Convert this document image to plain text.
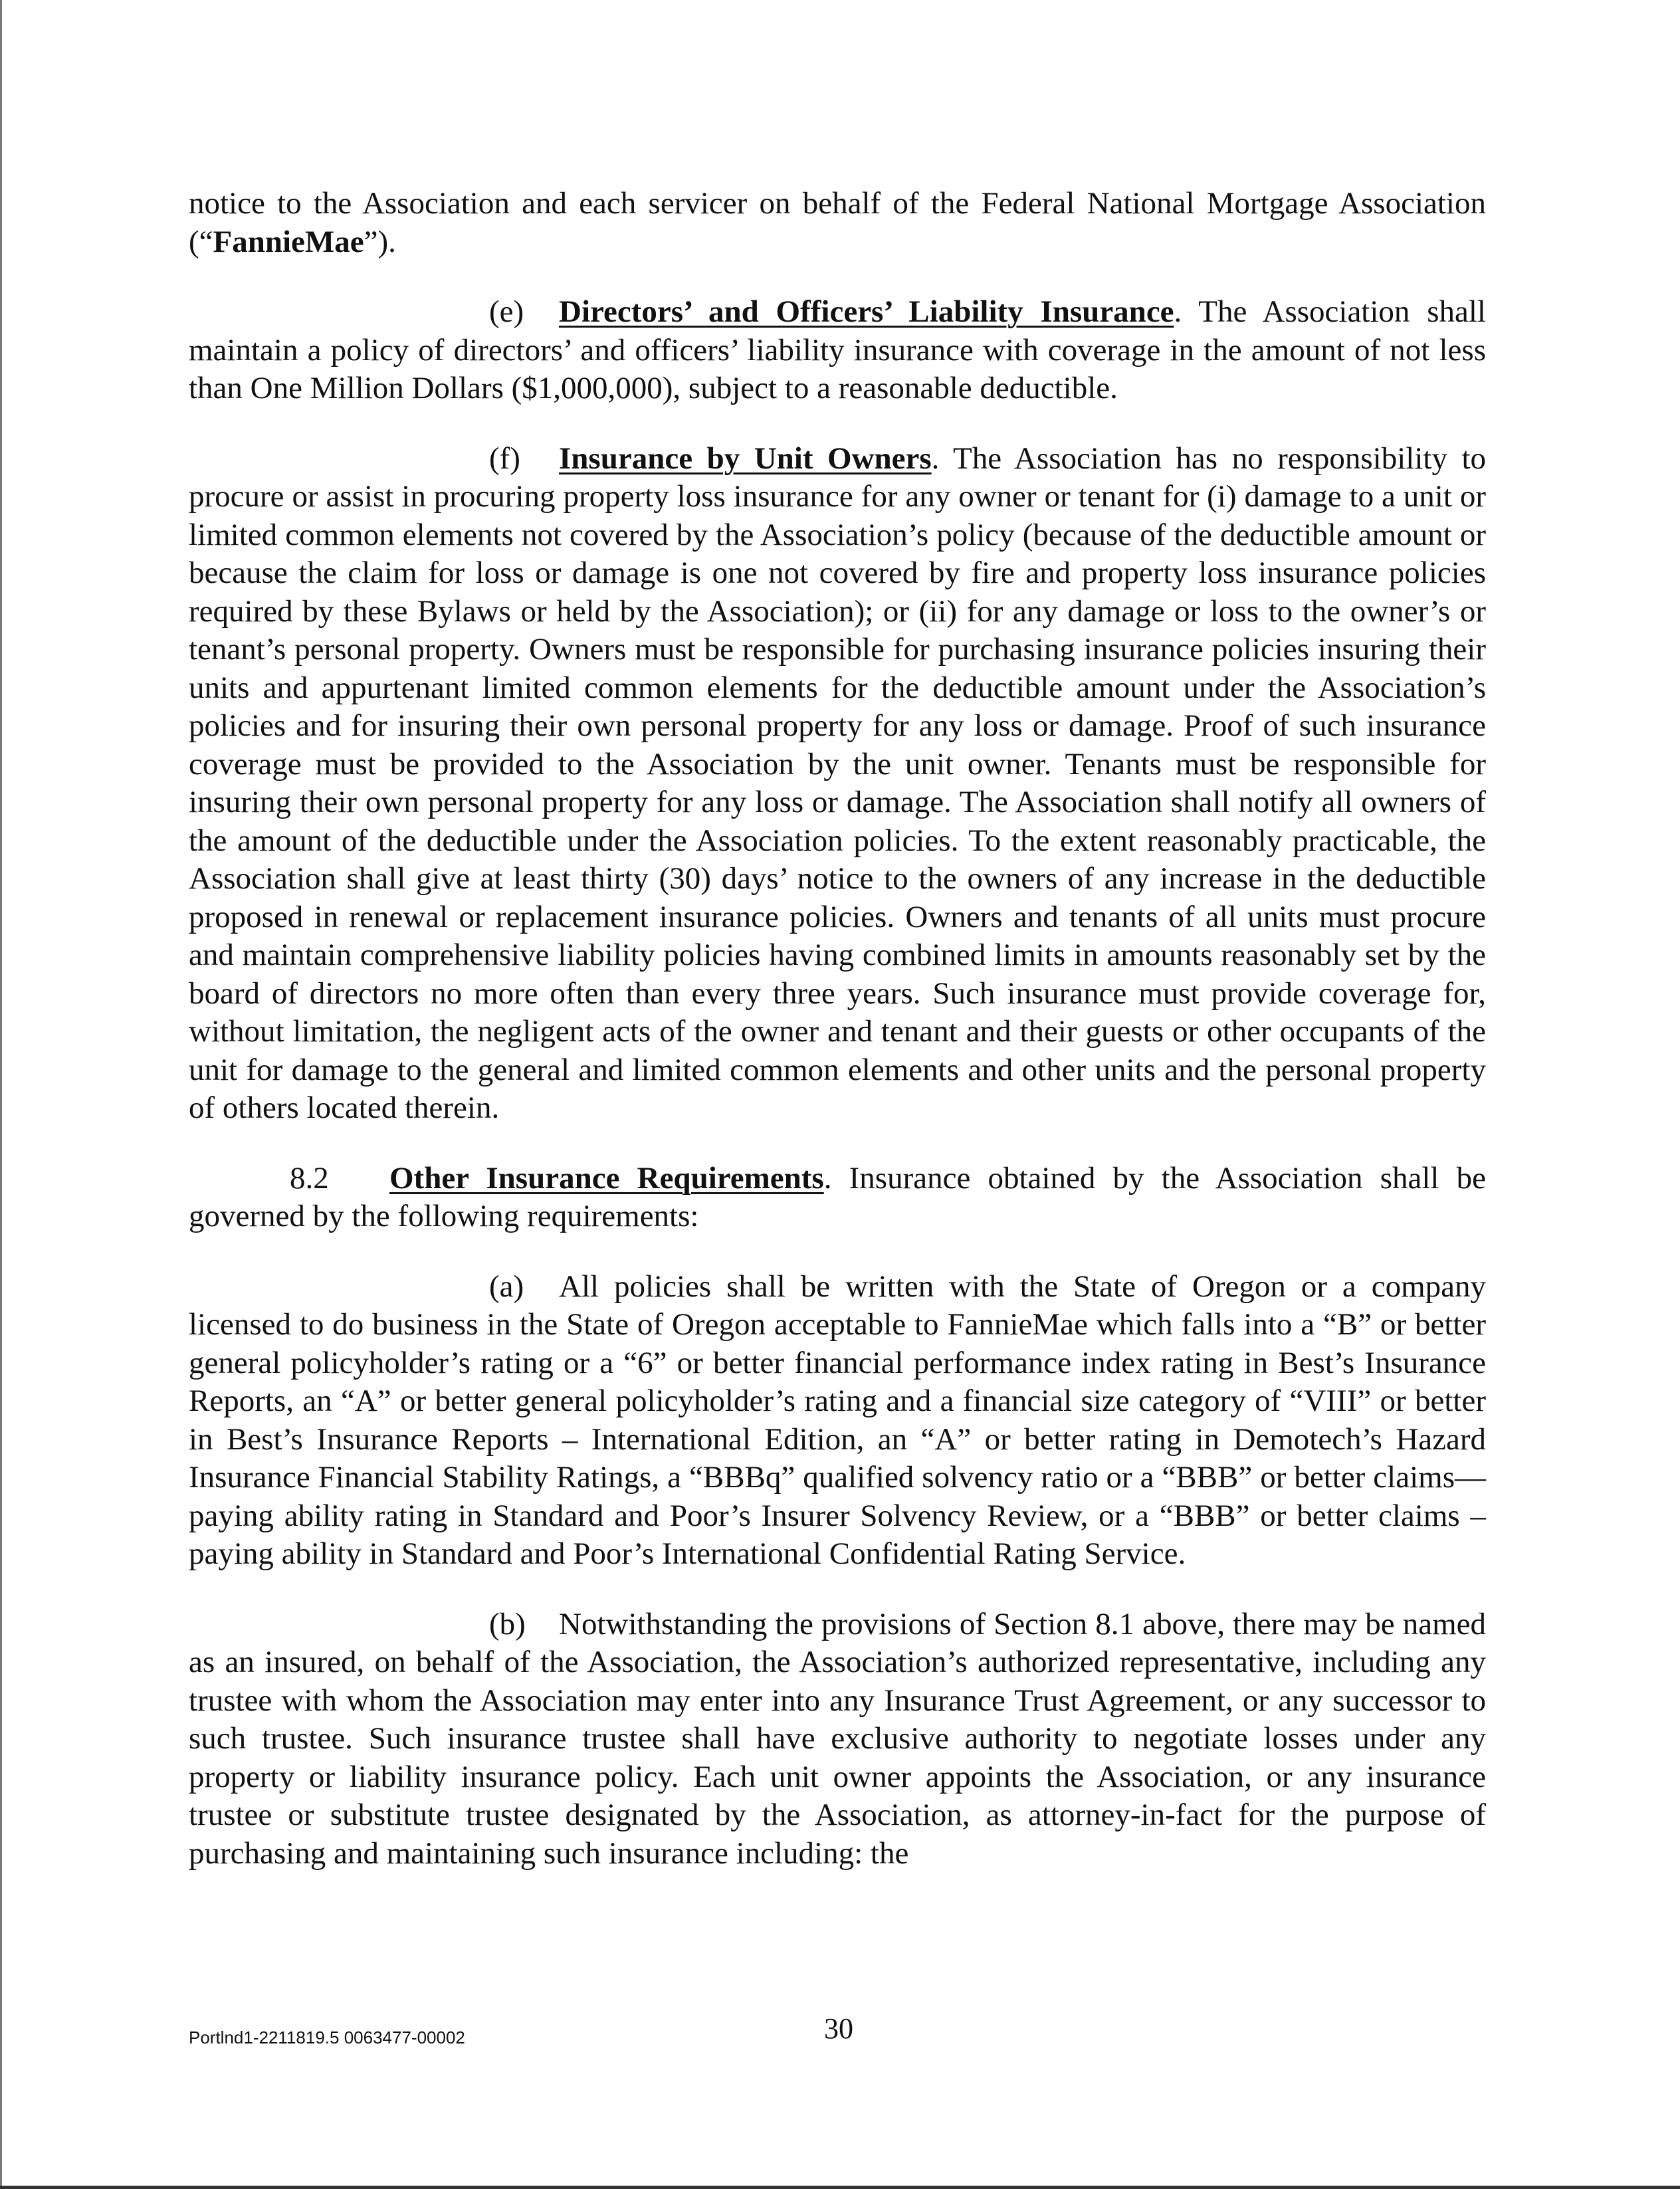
notice to the Association and each servicer on behalf of the Federal National Mortgage Association (“FannieMae”).

(e) Directors’ and Officers’ Liability Insurance. The Association shall maintain a policy of directors’ and officers’ liability insurance with coverage in the amount of not less than One Million Dollars ($1,000,000), subject to a reasonable deductible.

(f) Insurance by Unit Owners. The Association has no responsibility to procure or assist in procuring property loss insurance for any owner or tenant for (i) damage to a unit or limited common elements not covered by the Association’s policy (because of the deductible amount or because the claim for loss or damage is one not covered by fire and property loss insurance policies required by these Bylaws or held by the Association); or (ii) for any damage or loss to the owner’s or tenant’s personal property. Owners must be responsible for purchasing insurance policies insuring their units and appurtenant limited common elements for the deductible amount under the Association’s policies and for insuring their own personal property for any loss or damage. Proof of such insurance coverage must be provided to the Association by the unit owner. Tenants must be responsible for insuring their own personal property for any loss or damage. The Association shall notify all owners of the amount of the deductible under the Association policies. To the extent reasonably practicable, the Association shall give at least thirty (30) days’ notice to the owners of any increase in the deductible proposed in renewal or replacement insurance policies. Owners and tenants of all units must procure and maintain comprehensive liability policies having combined limits in amounts reasonably set by the board of directors no more often than every three years. Such insurance must provide coverage for, without limitation, the negligent acts of the owner and tenant and their guests or other occupants of the unit for damage to the general and limited common elements and other units and the personal property of others located therein.

8.2 Other Insurance Requirements. Insurance obtained by the Association shall be governed by the following requirements:

(a) All policies shall be written with the State of Oregon or a company licensed to do business in the State of Oregon acceptable to FannieMae which falls into a “B” or better general policyholder’s rating or a “6” or better financial performance index rating in Best’s Insurance Reports, an “A” or better general policyholder’s rating and a financial size category of “VIII” or better in Best’s Insurance Reports – International Edition, an “A” or better rating in Demotech’s Hazard Insurance Financial Stability Ratings, a “BBBq” qualified solvency ratio or a “BBB” or better claims—paying ability rating in Standard and Poor’s Insurer Solvency Review, or a “BBB” or better claims – paying ability in Standard and Poor’s International Confidential Rating Service.

(b) Notwithstanding the provisions of Section 8.1 above, there may be named as an insured, on behalf of the Association, the Association’s authorized representative, including any trustee with whom the Association may enter into any Insurance Trust Agreement, or any successor to such trustee. Such insurance trustee shall have exclusive authority to negotiate losses under any property or liability insurance policy. Each unit owner appoints the Association, or any insurance trustee or substitute trustee designated by the Association, as attorney-in-fact for the purpose of purchasing and maintaining such insurance including: the

Portlnd1-2211819.5 0063477-00002	30
